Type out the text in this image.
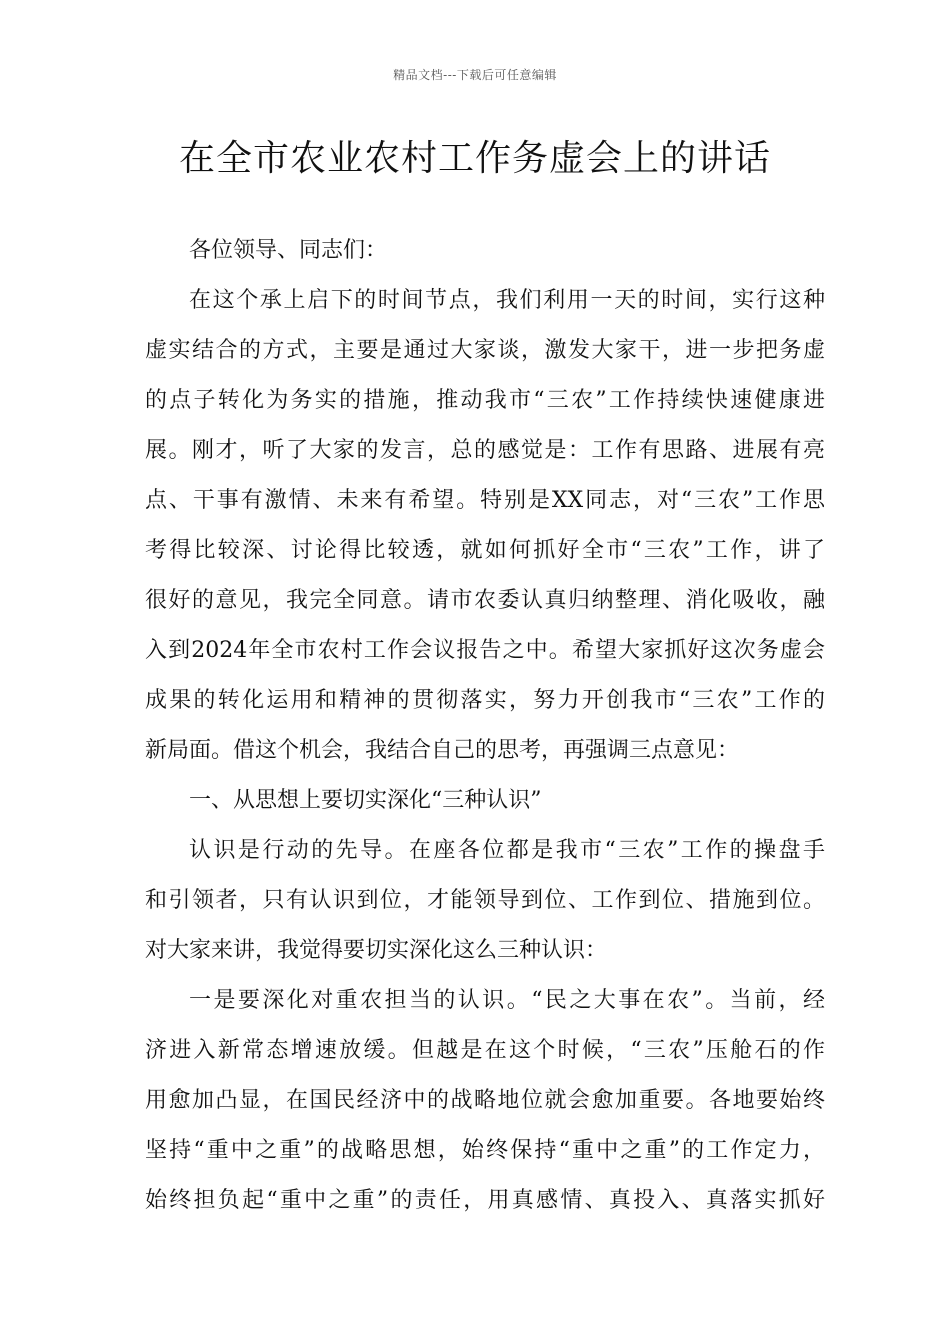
精品文档---下载后可任意编辑
在全市农业农村工作务虚会上的讲话
各位领导、同志们：
在这个承上启下的时间节点，我们利用一天的时间，实行这种
虚实结合的方式，主要是通过大家谈，激发大家干，进一步把务虚
的点子转化为务实的措施，推动我市“三农”工作持续快速健康进
展。刚才，听了大家的发言，总的感觉是：工作有思路、进展有亮
点、干事有激情、未来有希望。特别是XX同志，对“三农”工作思
考得比较深、讨论得比较透，就如何抓好全市“三农”工作，讲了
很好的意见，我完全同意。请市农委认真归纳整理、消化吸收，融
入到2024年全市农村工作会议报告之中。希望大家抓好这次务虚会
成果的转化运用和精神的贯彻落实，努力开创我市“三农”工作的
新局面。借这个机会，我结合自己的思考，再强调三点意见：
一、从思想上要切实深化“三种认识”
认识是行动的先导。在座各位都是我市“三农”工作的操盘手
和引领者，只有认识到位，才能领导到位、工作到位、措施到位。
对大家来讲，我觉得要切实深化这么三种认识：
一是要深化对重农担当的认识。“民之大事在农”。当前，经
济进入新常态增速放缓。但越是在这个时候，“三农”压舱石的作
用愈加凸显，在国民经济中的战略地位就会愈加重要。各地要始终
坚持“重中之重”的战略思想，始终保持“重中之重”的工作定力，
始终担负起“重中之重”的责任，用真感情、真投入、真落实抓好
